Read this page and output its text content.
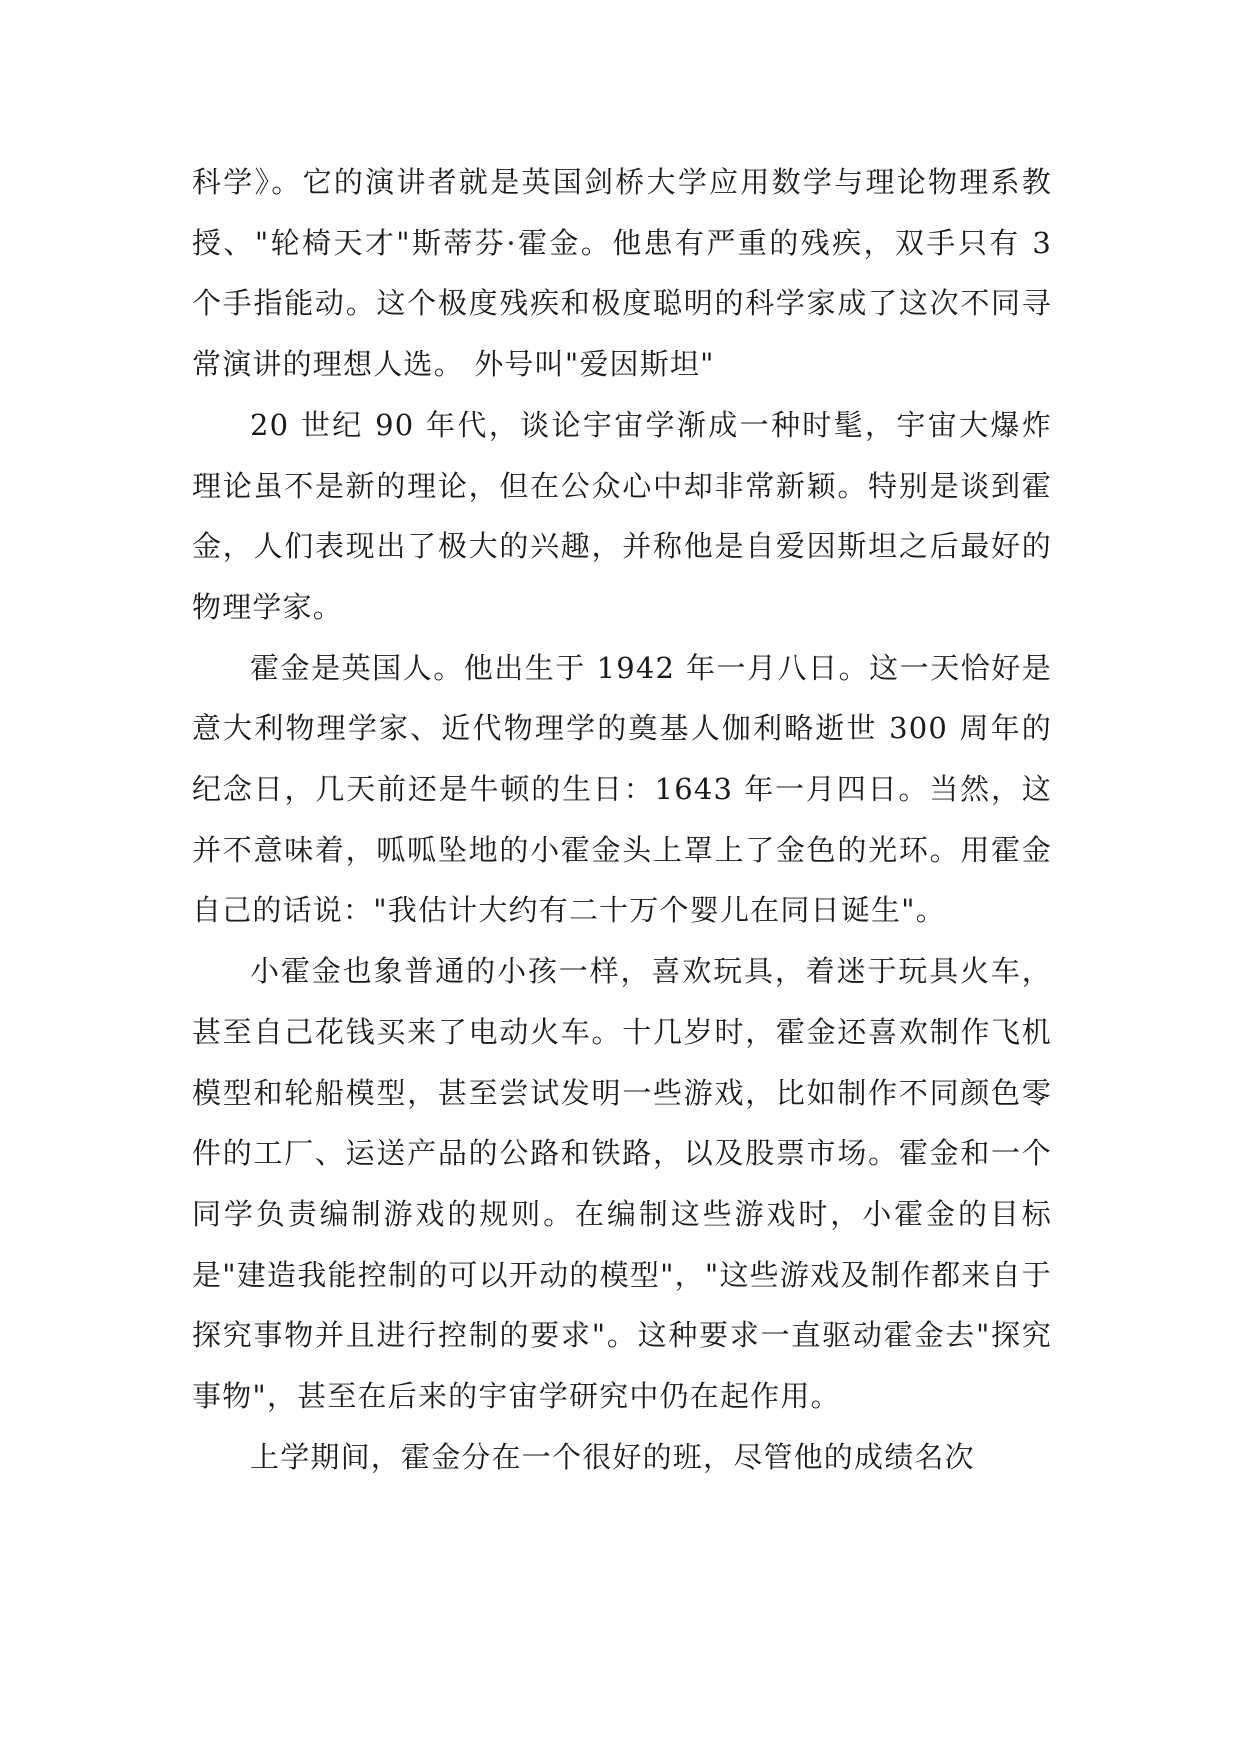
科学》。它的演讲者就是英国剑桥大学应用数学与理论物理系教授、"轮椅天才"斯蒂芬·霍金。他患有严重的残疾，双手只有 3 个手指能动。这个极度残疾和极度聪明的科学家成了这次不同寻常演讲的理想人选。 外号叫"爱因斯坦"

20 世纪 90 年代，谈论宇宙学渐成一种时髦，宇宙大爆炸理论虽不是新的理论，但在公众心中却非常新颖。特别是谈到霍金，人们表现出了极大的兴趣，并称他是自爱因斯坦之后最好的物理学家。

霍金是英国人。他出生于 1942 年一月八日。这一天恰好是意大利物理学家、近代物理学的奠基人伽利略逝世 300 周年的纪念日，几天前还是牛顿的生日：1643 年一月四日。当然，这并不意味着，呱呱坠地的小霍金头上罩上了金色的光环。用霍金自己的话说："我估计大约有二十万个婴儿在同日诞生"。

小霍金也象普通的小孩一样，喜欢玩具，着迷于玩具火车，甚至自己花钱买来了电动火车。十几岁时，霍金还喜欢制作飞机模型和轮船模型，甚至尝试发明一些游戏，比如制作不同颜色零件的工厂、运送产品的公路和铁路，以及股票市场。霍金和一个同学负责编制游戏的规则。在编制这些游戏时，小霍金的目标是"建造我能控制的可以开动的模型"，"这些游戏及制作都来自于探究事物并且进行控制的要求"。这种要求一直驱动霍金去"探究事物"，甚至在后来的宇宙学研究中仍在起作用。

上学期间，霍金分在一个很好的班，尽管他的成绩名次
